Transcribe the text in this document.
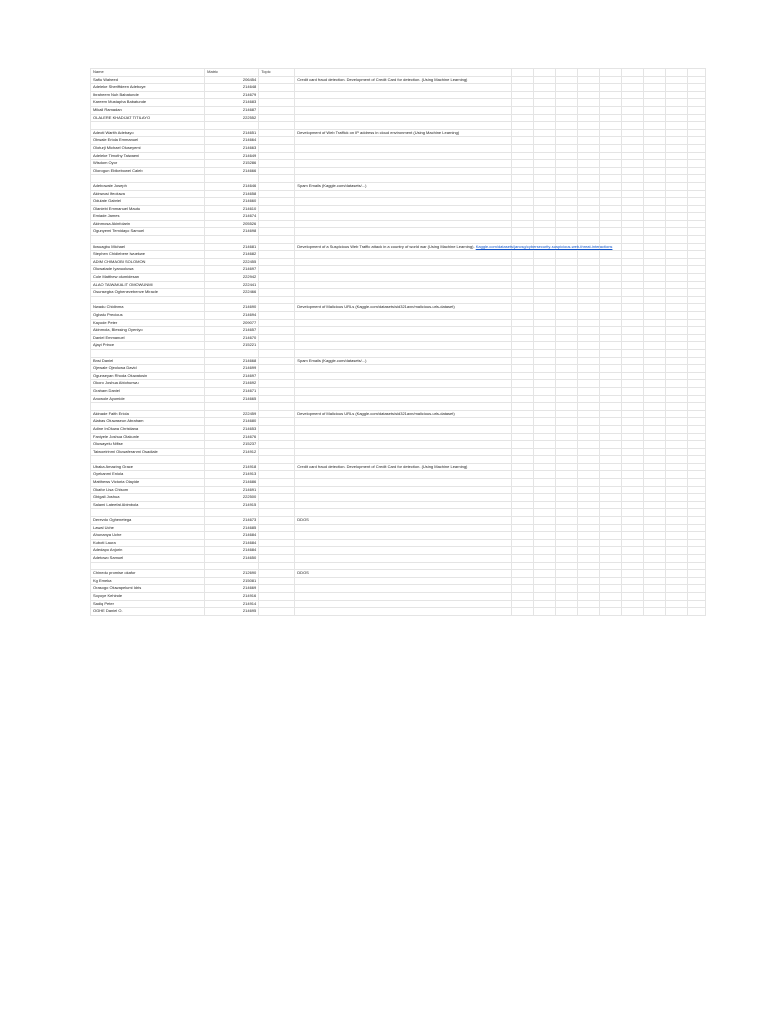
Name	Matric	Topic										
Safiu Waheed	206454		Credit card fraud detection. Development of Credit Card for detection. (Using Machine Learning)									
Adeleke Sheriffdeen Adeboye	214648											
Ibraheem Nuh Babatunde	214679											
Kareem Mustapha Babatunde	214683											
Mikail Ramadan	214687											
OLALERE KHADIJAT TITILAYO	222552											

Adeoti Warith Adebayo	214651		Development of Web Traffick on IP address in cloud environment (Using Machine Learning)									
Obwale Eriola Emmanuel	214664											
Oloturji Michael Oluseyemi	214663											
Adeleke Timothy Taiwaeni	214649											
Wisdom Oyor	215286											
Olorogun Ebikebowei Caleb	214666											

Adebowale Joseph	214646		Spam Emails (Kaggle.com/datasets/...)									
Akinwusi Ifeoluwa	214658											
Odulate Gabriel	214660											
Olaniebi Emmanuel Mautu	214610											
Emiade James	214674											
Akinmosa Akinfolarin	205526											
Ogunyemi Temidayo Samuel	214698											

Ikwuagbu Michael	214681		Development of a Suspicious Web Traffic attack in a country of world war (Using Machine Learning). Kaggle.com/datasets/jancsg/cybersecurity-suspicious-web-threat-interactions									
Stephen Chidiebere Iwuekwe	214682											
ADIM CHIMAOBI SOLOMON	222455											
Oluwatade Iyanuoluwa	214697											
Cole Matthew olumidesan	222942											
ALAO TAIWAKALIT OMOWUNMI	222441											
Osunsegba Oghenevebenve Miracle	222466											

Nwadu Chidinma	214690		Development of Malicious URLs (Kaggle.com/datasets/sid321axn/malicious-urls-dataset)									
Ogbalu Precious	214694											
Kayode Peter	209077											
Akinmola, Blessing Oyeniyo	214657											
Daniel Emmanuel	214670											
Ajayi Prince	215221											

Bnsi Daniel	214668		Spam Emails (Kaggle.com/datasets/...)									
Ojewale Ojeoluwa David	214699											
Ogunseyan Rhoda Oluwatosin	214697											
Okoro Joshua Abiohunwu	214692											
Graham Daniel	214671											
Anowole Ayomide	214665											

Akinade Faith Eriola	222459		Development of Malicious URLs (Kaggle.com/datasets/sid321axn/malicious-urls-dataset)									
Alabas Oluwaseun Abraham	214680											
Adine InOluwa Christiana	214653											
Faniyele Joshua Olakunle	214676											
Oluwayelu Nifise	215237											
Taiwoeirinmi Oluwaferanmi Osadiale	214912											

Ubaka Amazing Grace	214918		Credit card fraud detection. Development of Credit Card for detection. (Using Machine Learning)									
Oyekanmi Eniola	214913											
Matthews Victoria Olayide	214686											
Okafor Lisa Chisom	214691											
Gbigali Joshua	222500											
Salami Lateefat Abimbola	214915											

Derevdo Oghenetega	214673		DDOS									
Lawal Uche	214685											
Ahunanya Uche	214684											
Kuboti Laura	214684											
Adedapo Anjorin	214684											
Adetowo Samuel	214650											

Chinedu promise okafor	212690		DDOS									
Kg Emeka	215081											
Orasogo Oluwapelumi Idris	214669											
Soyoye Kehinde	214916											
Sadiq Peter	214914											
OGHE Daniel O.	214695											
